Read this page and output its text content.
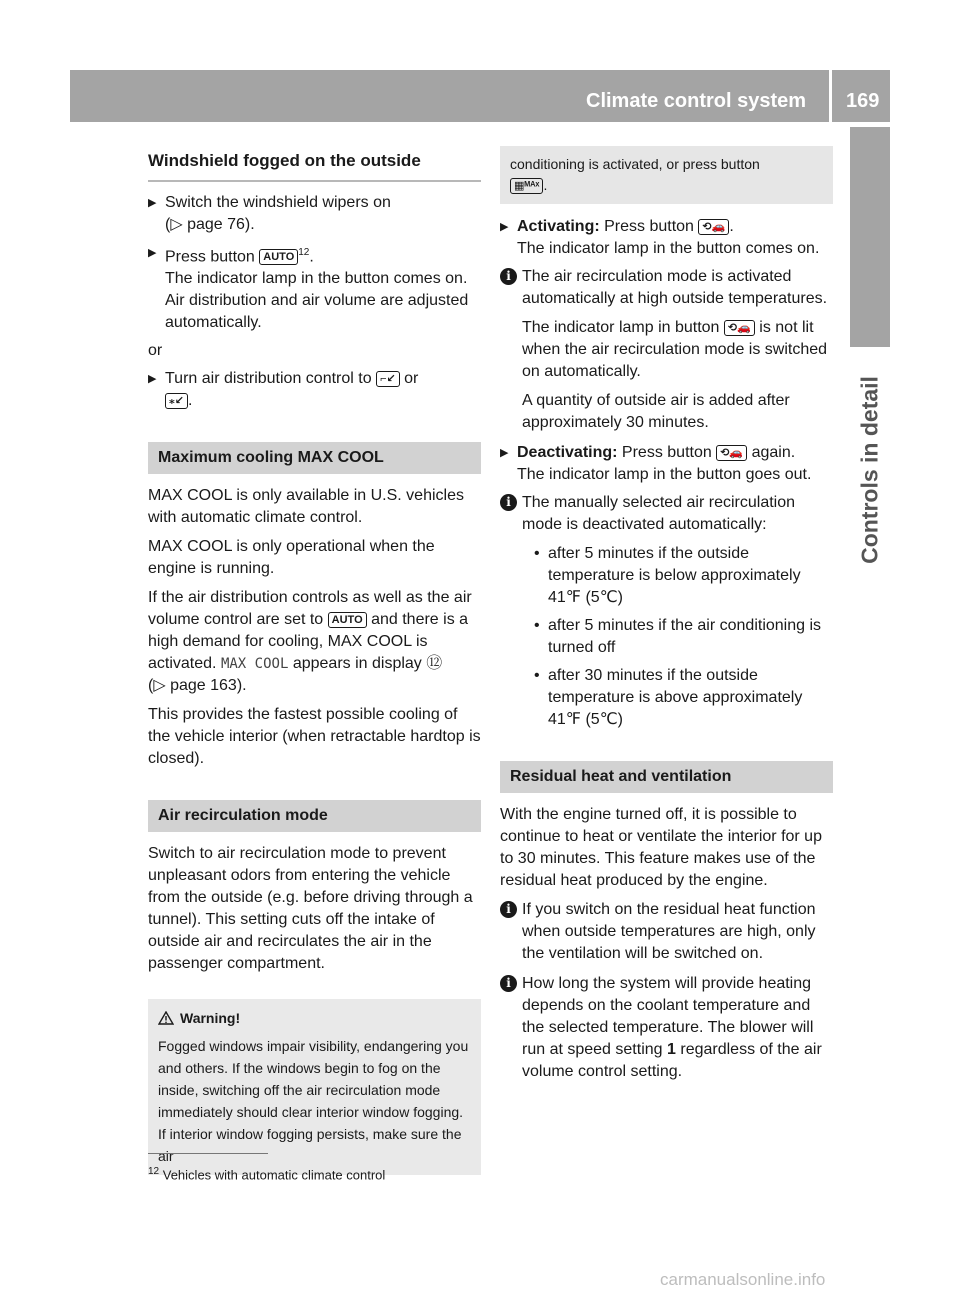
Climate control system 169
Controls in detail
Windshield fogged on the outside
▶ Switch the windshield wipers on
(▷ page 76).
▶ Press button AUTO $^{12}$.
The indicator lamp in the button comes on. Air distribution and air volume are adjusted automatically.
or
▶ Turn air distribution control to ⌐↙ or
⁎↙ .
Maximum cooling MAX COOL

MAX COOL is only available in U.S. vehicles with automatic climate control.

MAX COOL is only operational when the engine is running.

If the air distribution controls as well as the air volume control are set to AUTO and there is a high demand for cooling, MAX COOL is activated. MAX COOL appears in display ⑫
(▷ page 163).

This provides the fastest possible cooling of the vehicle interior (when retractable hardtop is closed).

Air recirculation mode

Switch to air recirculation mode to prevent unpleasant odors from entering the vehicle from the outside (e.g. before driving through a tunnel). This setting cuts off the intake of outside air and recirculates the air in the passenger compartment.

Warning!
Fogged windows impair visibility, endangering you and others. If the windows begin to fog on the inside, switching off the air recirculation mode immediately should clear interior window fogging. If interior window fogging persists, make sure the air
conditioning is activated, or press button
▦ᴹᴬˣ .
▶ Activating: Press button ⟲🚗 .
The indicator lamp in the button comes on.
i The air recirculation mode is activated automatically at high outside temperatures.

The indicator lamp in button ⟲🚗 is not lit when the air recirculation mode is switched on automatically.

A quantity of outside air is added after approximately 30 minutes.

▶ Deactivating: Press button ⟲🚗 again.
The indicator lamp in the button goes out.
i The manually selected air recirculation mode is deactivated automatically:

• after 5 minutes if the outside temperature is below approximately 41℉ (5℃)
• after 5 minutes if the air conditioning is turned off
• after 30 minutes if the outside temperature is above approximately 41℉ (5℃)
Residual heat and ventilation

With the engine turned off, it is possible to continue to heat or ventilate the interior for up to 30 minutes. This feature makes use of the residual heat produced by the engine.

i If you switch on the residual heat function when outside temperatures are high, only the ventilation will be switched on.

i How long the system will provide heating depends on the coolant temperature and the selected temperature. The blower will run at speed setting 1 regardless of the air volume control setting.

$^{12}$ Vehicles with automatic climate control
carmanualsonline.info
